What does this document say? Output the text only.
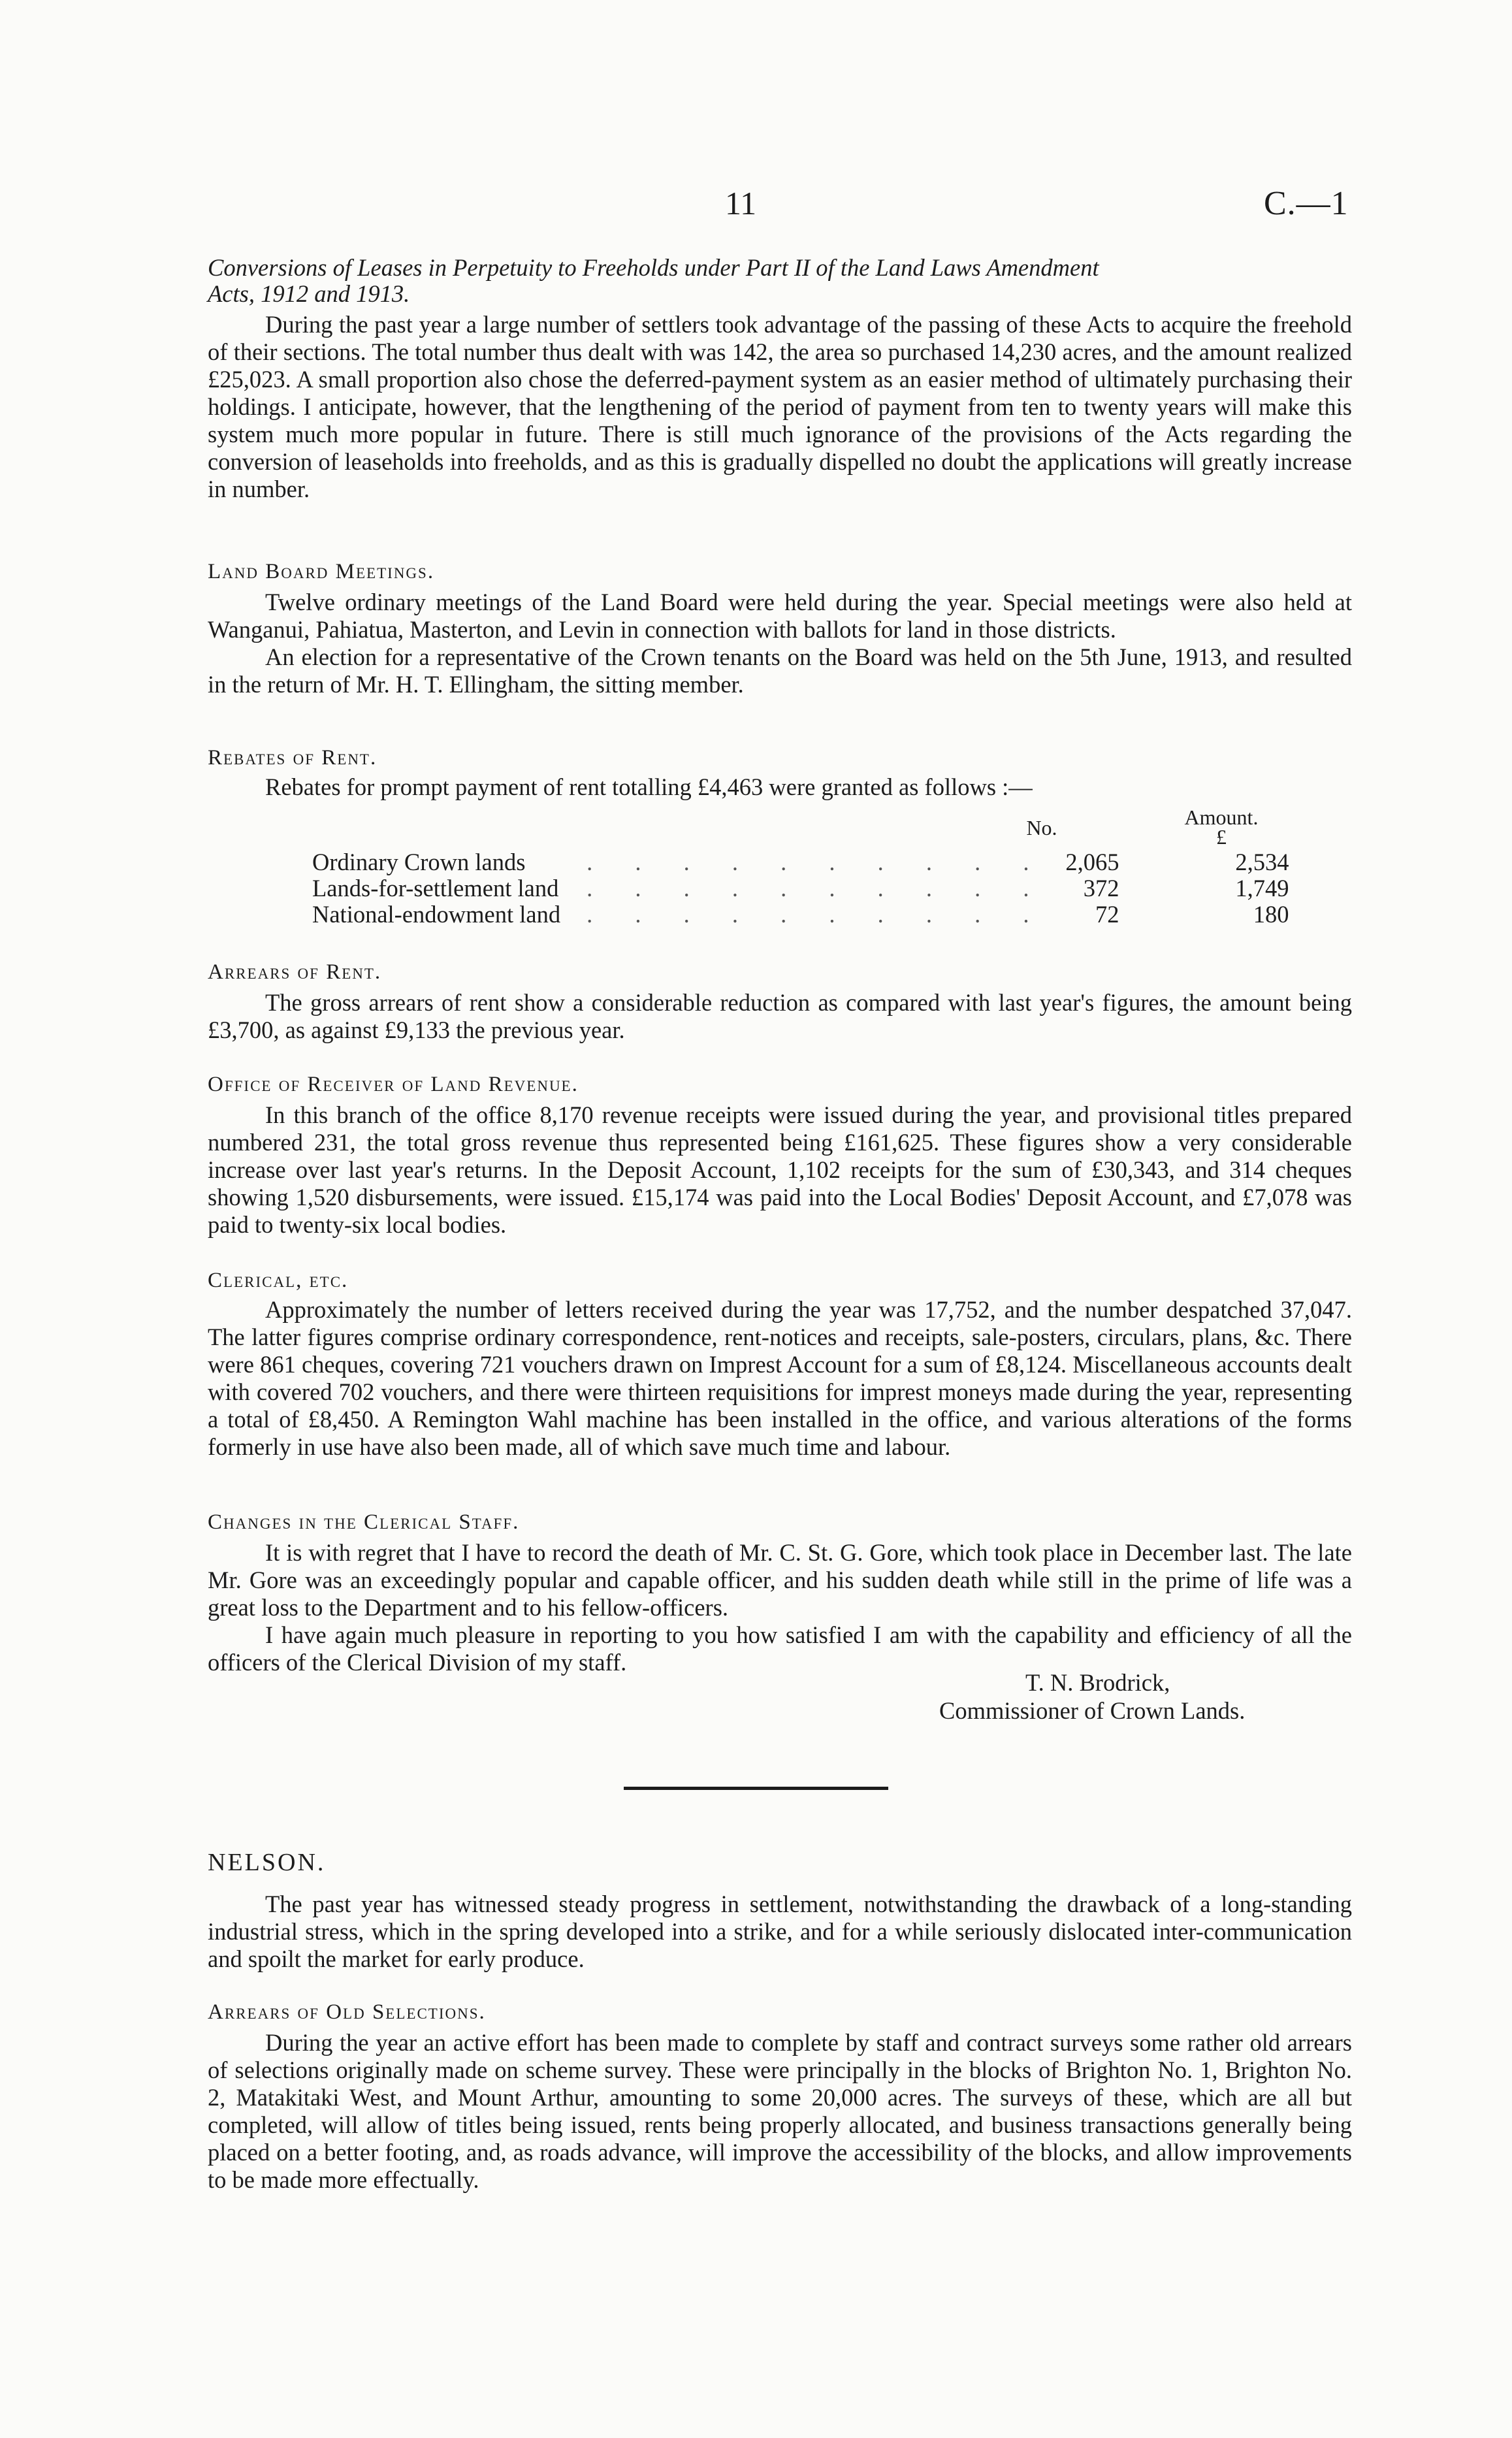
11	C.—1

Conversions of Leases in Perpetuity to Freeholds under Part II of the Land Laws Amendment

Acts, 1912 and 1913.

During the past year a large number of settlers took advantage of the passing of these Acts to acquire the freehold of their sections. The total number thus dealt with was 142, the area so purchased 14,230 acres, and the amount realized £25,023. A small proportion also chose the deferred-payment system as an easier method of ultimately purchasing their holdings. I anticipate, however, that the lengthening of the period of payment from ten to twenty years will make this system much more popular in future. There is still much ignorance of the provisions of the Acts regarding the conversion of leaseholds into freeholds, and as this is gradually dispelled no doubt the applications will greatly increase in number.

Land Board Meetings.

Twelve ordinary meetings of the Land Board were held during the year. Special meetings were also held at Wanganui, Pahiatua, Masterton, and Levin in connection with ballots for land in those districts.

An election for a representative of the Crown tenants on the Board was held on the 5th June, 1913, and resulted in the return of Mr. H. T. Ellingham, the sitting member.

Rebates of Rent.

Rebates for prompt payment of rent totalling £4,463 were granted as follows :—

No.	Amount.
£
Ordinary Crown lands	. . . . . . . . . .	2,065	2,534
Lands-for-settlement land	. . . . . . . . . .	372	1,749
National-endowment land	. . . . . . . . . .	72	180

Arrears of Rent.

The gross arrears of rent show a considerable reduction as compared with last year's figures, the amount being £3,700, as against £9,133 the previous year.

Office of Receiver of Land Revenue.

In this branch of the office 8,170 revenue receipts were issued during the year, and provisional titles prepared numbered 231, the total gross revenue thus represented being £161,625. These figures show a very considerable increase over last year's returns. In the Deposit Account, 1,102 receipts for the sum of £30,343, and 314 cheques showing 1,520 disbursements, were issued. £15,174 was paid into the Local Bodies' Deposit Account, and £7,078 was paid to twenty-six local bodies.

Clerical, etc.

Approximately the number of letters received during the year was 17,752, and the number despatched 37,047. The latter figures comprise ordinary correspondence, rent-notices and receipts, sale-posters, circulars, plans, &c. There were 861 cheques, covering 721 vouchers drawn on Imprest Account for a sum of £8,124. Miscellaneous accounts dealt with covered 702 vouchers, and there were thirteen requisitions for imprest moneys made during the year, representing a total of £8,450. A Remington Wahl machine has been installed in the office, and various alterations of the forms formerly in use have also been made, all of which save much time and labour.

Changes in the Clerical Staff.

It is with regret that I have to record the death of Mr. C. St. G. Gore, which took place in December last. The late Mr. Gore was an exceedingly popular and capable officer, and his sudden death while still in the prime of life was a great loss to the Department and to his fellow-officers.

I have again much pleasure in reporting to you how satisfied I am with the capability and efficiency of all the officers of the Clerical Division of my staff.

T. N. Brodrick,
Commissioner of Crown Lands.

NELSON.

The past year has witnessed steady progress in settlement, notwithstanding the drawback of a long-standing industrial stress, which in the spring developed into a strike, and for a while seriously dislocated inter-communication and spoilt the market for early produce.

Arrears of Old Selections.

During the year an active effort has been made to complete by staff and contract surveys some rather old arrears of selections originally made on scheme survey. These were principally in the blocks of Brighton No. 1, Brighton No. 2, Matakitaki West, and Mount Arthur, amounting to some 20,000 acres. The surveys of these, which are all but completed, will allow of titles being issued, rents being properly allocated, and business transactions generally being placed on a better footing, and, as roads advance, will improve the accessibility of the blocks, and allow improvements to be made more effectually.
